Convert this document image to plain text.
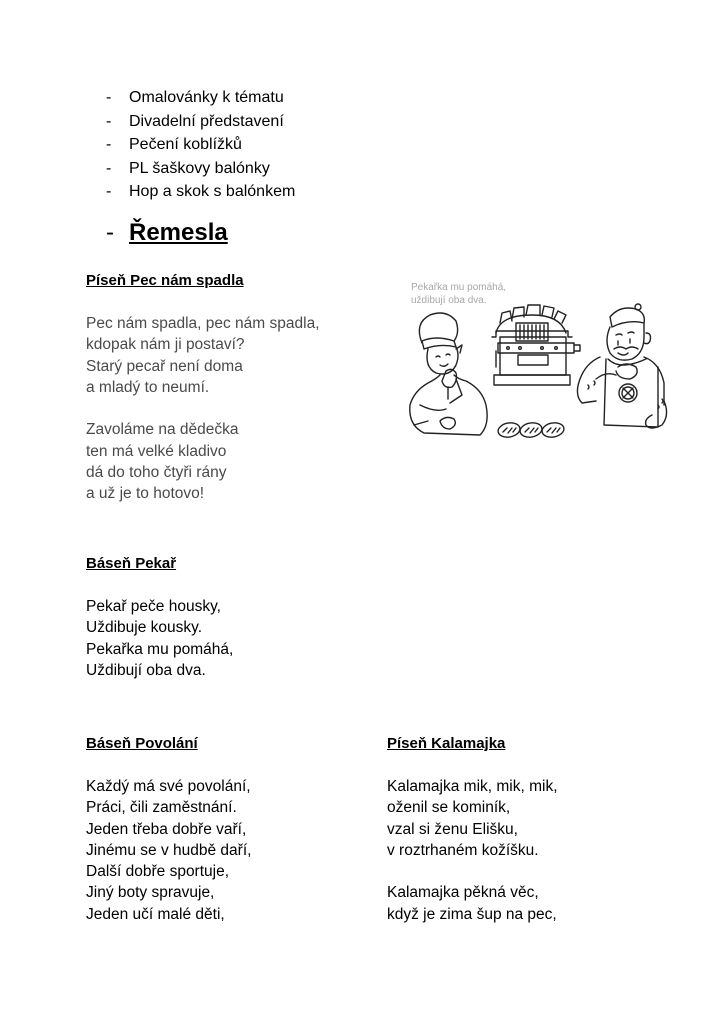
- Omalovánky k tématu
- Divadelní představení
- Pečení koblížků
- PL šaškovy balónky
- Hop a skok s balónkem
- Řemesla
Píseň Pec nám spadla
Pec nám spadla, pec nám spadla,
kdopak nám ji postaví?
Starý pecař není doma
a mladý to neumí.
Zavoláme na dědečka
ten má velké kladivo
dá do toho čtyři rány
a už je to hotovo!
Pekařka mu pomáhá,
uždibují oba dva.
Báseň Pekař
Pekař peče housky,
Uždibuje kousky.
Pekařka mu pomáhá,
Uždibují oba dva.
Báseň Povolání
Každý má své povolání,
Práci, čili zaměstnání.
Jeden třeba dobře vaří,
Jinému se v hudbě daří,
Další dobře sportuje,
Jiný boty spravuje,
Jeden učí malé děti,
Píseň Kalamajka
Kalamajka mik, mik, mik,
oženil se kominík,
vzal si ženu Elišku,
v roztrhaném kožíšku.
Kalamajka pěkná věc,
když je zima šup na pec,
